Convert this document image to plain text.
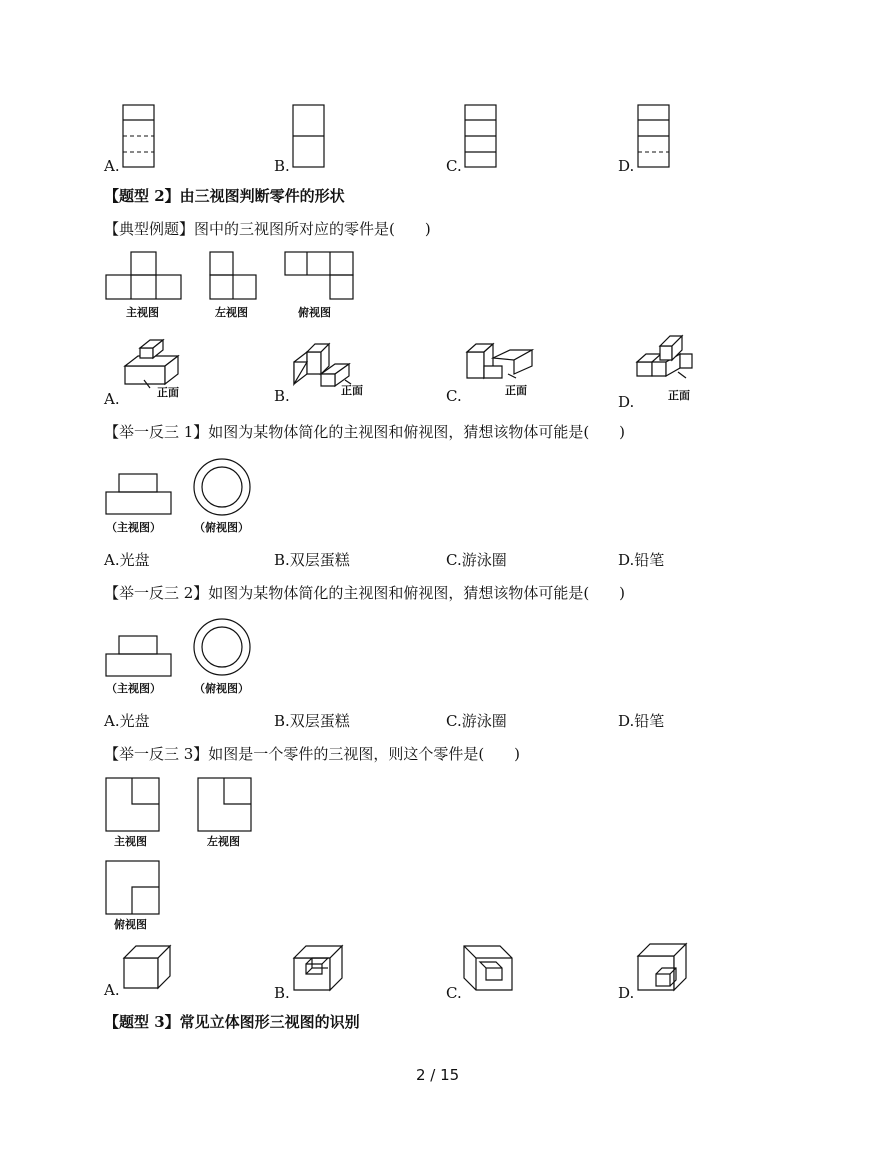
A.	B.	C.	D.
【题型 2】由三视图判断零件的形状
【典型例题】图中的三视图所对应的零件是(　　)
主视图	左视图	俯视图
正面
A.	正面
B.	正面
C.	正面
D.
【举一反三 1】如图为某物体简化的主视图和俯视图，猜想该物体可能是(　　)
（主视图）	（俯视图）
A.光盘	B.双层蛋糕	C.游泳圈	D.铅笔
【举一反三 2】如图为某物体简化的主视图和俯视图，猜想该物体可能是(　　)
（主视图）	（俯视图）
A.光盘	B.双层蛋糕	C.游泳圈	D.铅笔
【举一反三 3】如图是一个零件的三视图，则这个零件是(　　)
主视图	左视图
俯视图
A.	B.	C.	D.
【题型 3】常见立体图形三视图的识别
2 / 15
